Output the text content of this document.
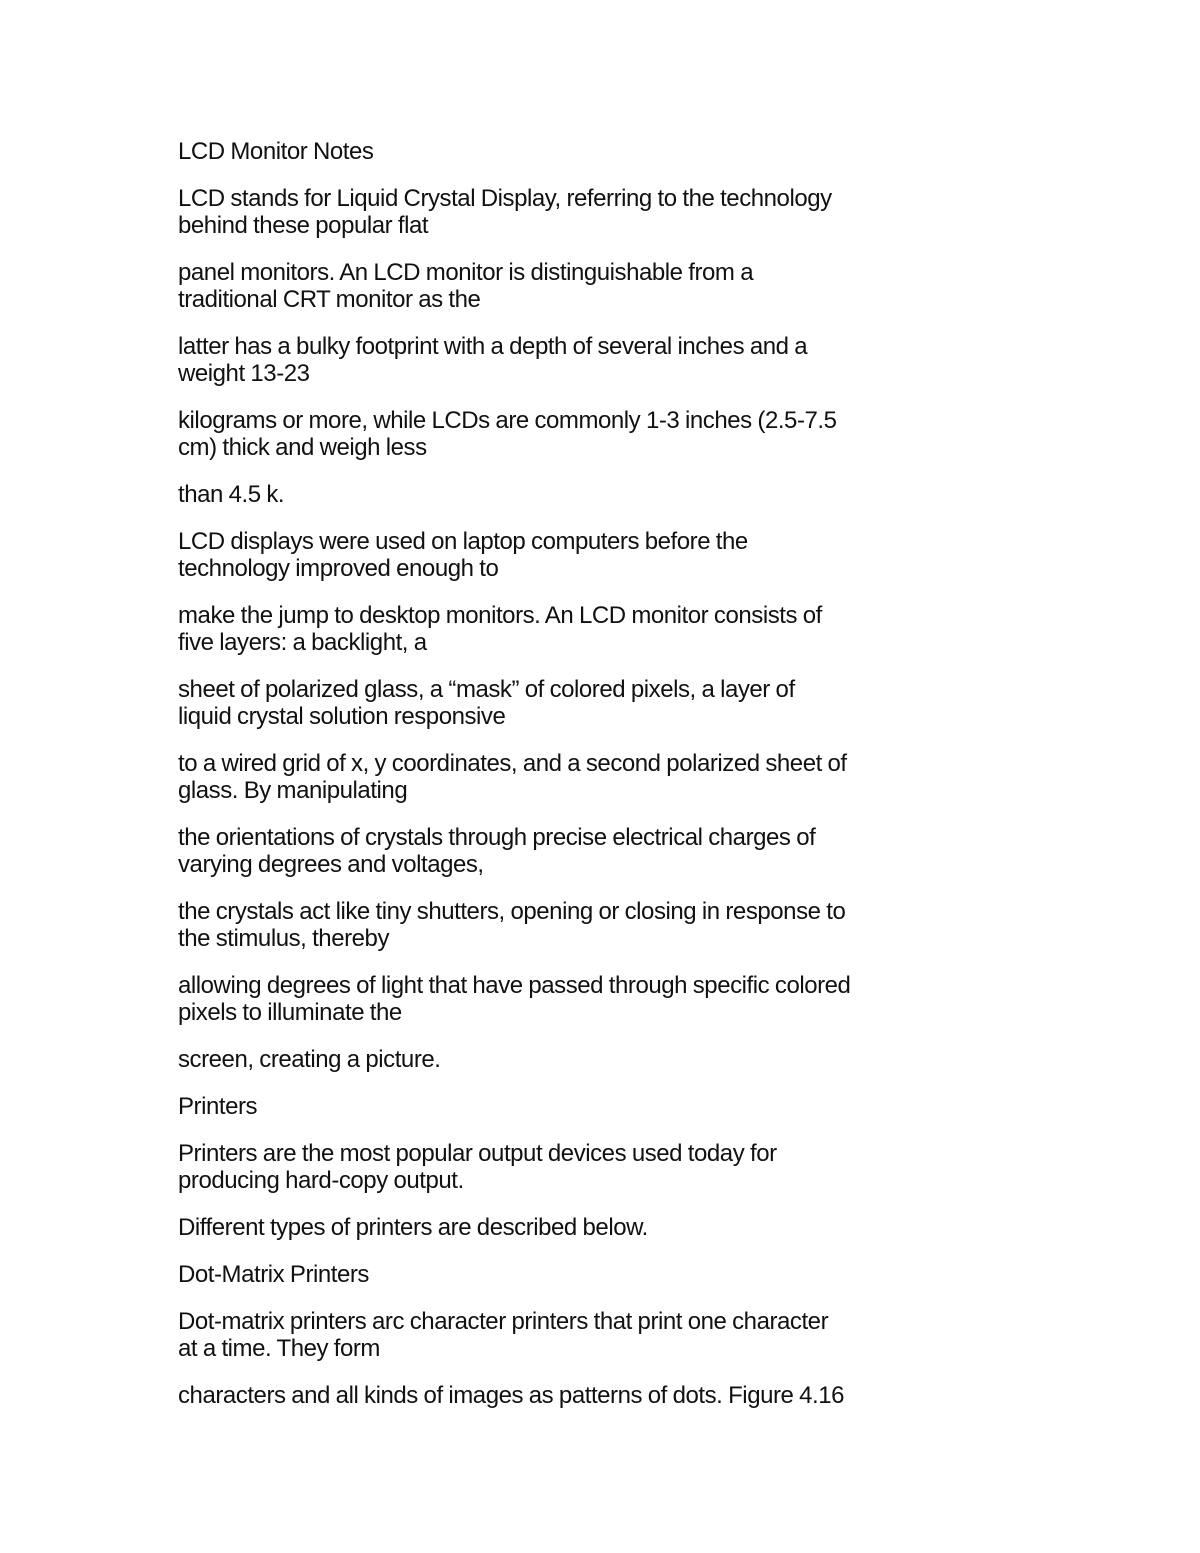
LCD Monitor Notes

LCD stands for Liquid Crystal Display, referring to the technology
behind these popular flat

panel monitors. An LCD monitor is distinguishable from a
traditional CRT monitor as the

latter has a bulky footprint with a depth of several inches and a
weight 13-23

kilograms or more, while LCDs are commonly 1-3 inches (2.5-7.5
cm) thick and weigh less

than 4.5 k.

LCD displays were used on laptop computers before the
technology improved enough to

make the jump to desktop monitors. An LCD monitor consists of
five layers: a backlight, a

sheet of polarized glass, a “mask” of colored pixels, a layer of
liquid crystal solution responsive

to a wired grid of x, y coordinates, and a second polarized sheet of
glass. By manipulating

the orientations of crystals through precise electrical charges of
varying degrees and voltages,

the crystals act like tiny shutters, opening or closing in response to
the stimulus, thereby

allowing degrees of light that have passed through specific colored
pixels to illuminate the

screen, creating a picture.

Printers

Printers are the most popular output devices used today for
producing hard-copy output.

Different types of printers are described below.

Dot-Matrix Printers

Dot-matrix printers arc character printers that print one character
at a time. They form

characters and all kinds of images as patterns of dots. Figure 4.16
